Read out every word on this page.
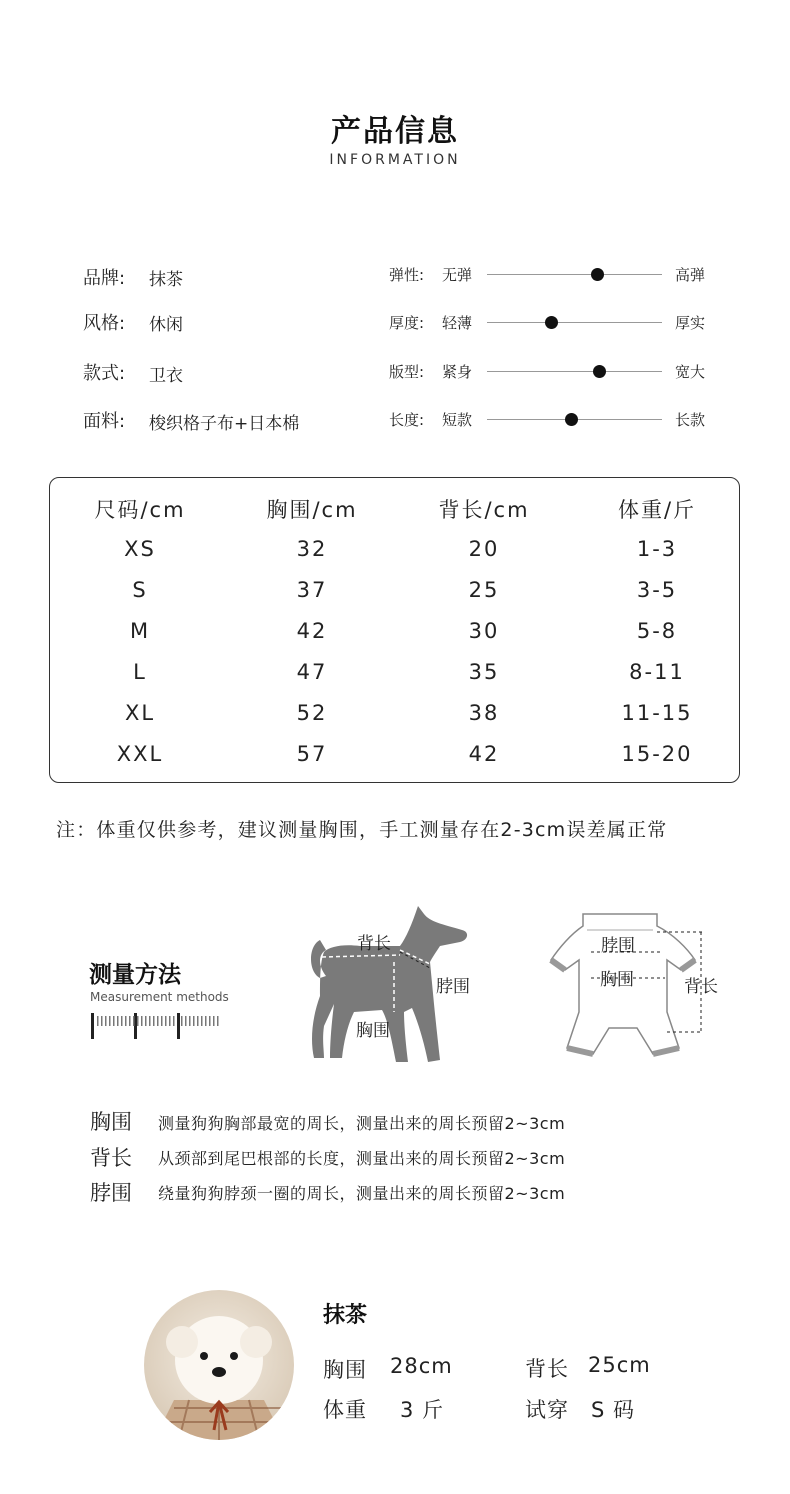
产品信息
INFORMATION
品牌: 抹茶
风格: 休闲
款式: 卫衣
面料: 梭织格子布+日本棉
弹性: 无弹	高弹
厚度: 轻薄	厚实
版型: 紧身	宽大
长度: 短款	长款
尺码/cm	胸围/cm	背长/cm	体重/斤
XS	32	20	1-3
S	37	25	3-5
M	42	30	5-8
L	47	35	8-11
XL	52	38	11-15
XXL	57	42	15-20
注：体重仅供参考，建议测量胸围，手工测量存在2-3cm误差属正常
测量方法
Measurement methods
背长
脖围
胸围
脖围
胸围	背长
胸围 测量狗狗胸部最宽的周长，测量出来的周长预留2~3cm
背长 从颈部到尾巴根部的长度，测量出来的周长预留2~3cm
脖围 绕量狗狗脖颈一圈的周长，测量出来的周长预留2~3cm
抹茶
胸围 28cm	背长 25cm
体重 3 斤	试穿 S 码
